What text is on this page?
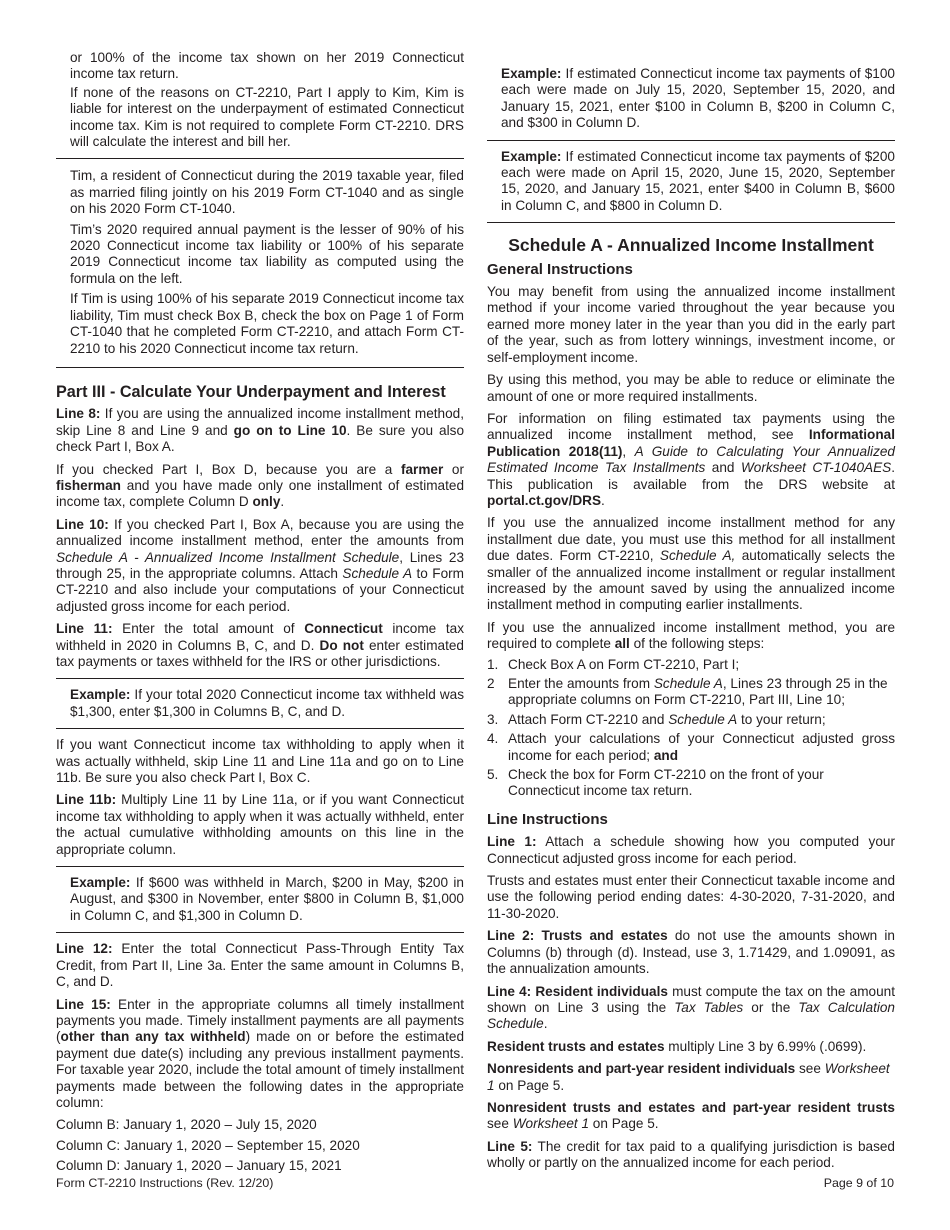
or 100% of the income tax shown on her 2019 Connecticut income tax return.

If none of the reasons on CT-2210, Part I apply to Kim, Kim is liable for interest on the underpayment of estimated Connecticut income tax. Kim is not required to complete Form CT-2210. DRS will calculate the interest and bill her.

Tim, a resident of Connecticut during the 2019 taxable year, filed as married filing jointly on his 2019 Form CT-1040 and as single on his 2020 Form CT-1040.

Tim’s 2020 required annual payment is the lesser of 90% of his 2020 Connecticut income tax liability or 100% of his separate 2019 Connecticut income tax liability as computed using the formula on the left.

If Tim is using 100% of his separate 2019 Connecticut income tax liability, Tim must check Box B, check the box on Page 1 of Form CT-1040 that he completed Form CT-2210, and attach Form CT-2210 to his 2020 Connecticut income tax return.

Part III - Calculate Your Underpayment and Interest

Line 8: If you are using the annualized income installment method, skip Line 8 and Line 9 and go on to Line 10. Be sure you also check Part I, Box A.

If you checked Part I, Box D, because you are a farmer or fisherman and you have made only one installment of estimated income tax, complete Column D only.

Line 10: If you checked Part I, Box A, because you are using the annualized income installment method, enter the amounts from Schedule A - Annualized Income Installment Schedule, Lines 23 through 25, in the appropriate columns. Attach Schedule A to Form CT-2210 and also include your computations of your Connecticut adjusted gross income for each period.

Line 11: Enter the total amount of Connecticut income tax withheld in 2020 in Columns B, C, and D. Do not enter estimated tax payments or taxes withheld for the IRS or other jurisdictions.

Example: If your total 2020 Connecticut income tax withheld was $1,300, enter $1,300 in Columns B, C, and D.

If you want Connecticut income tax withholding to apply when it was actually withheld, skip Line 11 and Line 11a and go on to Line 11b. Be sure you also check Part I, Box C.

Line 11b: Multiply Line 11 by Line 11a, or if you want Connecticut income tax withholding to apply when it was actually withheld, enter the actual cumulative withholding amounts on this line in the appropriate column.

Example: If $600 was withheld in March, $200 in May, $200 in August, and $300 in November, enter $800 in Column B, $1,000 in Column C, and $1,300 in Column D.

Line 12: Enter the total Connecticut Pass-Through Entity Tax Credit, from Part II, Line 3a. Enter the same amount in Columns B, C, and D.

Line 15: Enter in the appropriate columns all timely installment payments you made. Timely installment payments are all payments (other than any tax withheld) made on or before the estimated payment due date(s) including any previous installment payments. For taxable year 2020, include the total amount of timely installment payments made between the following dates in the appropriate column:

Column B: January 1, 2020 – July 15, 2020

Column C: January 1, 2020 – September 15, 2020

Column D: January 1, 2020 – January 15, 2021

Example: If estimated Connecticut income tax payments of $100 each were made on July 15, 2020, September 15, 2020, and January 15, 2021, enter $100 in Column B, $200 in Column C, and $300 in Column D.

Example: If estimated Connecticut income tax payments of $200 each were made on April 15, 2020, June 15, 2020, September 15, 2020, and January 15, 2021, enter $400 in Column B, $600 in Column C, and $800 in Column D.

Schedule A - Annualized Income Installment
General Instructions

You may benefit from using the annualized income installment method if your income varied throughout the year because you earned more money later in the year than you did in the early part of the year, such as from lottery winnings, investment income, or self-employment income.

By using this method, you may be able to reduce or eliminate the amount of one or more required installments.

For information on filing estimated tax payments using the annualized income installment method, see Informational Publication 2018(11), A Guide to Calculating Your Annualized Estimated Income Tax Installments and Worksheet CT-1040AES. This publication is available from the DRS website at portal.ct.gov/DRS.

If you use the annualized income installment method for any installment due date, you must use this method for all installment due dates. Form CT-2210, Schedule A, automatically selects the smaller of the annualized income installment or regular installment increased by the amount saved by using the annualized income installment method in computing earlier installments.

If you use the annualized income installment method, you are required to complete all of the following steps:

1. Check Box A on Form CT-2210, Part I;
2 Enter the amounts from Schedule A, Lines 23 through 25 in the appropriate columns on Form CT-2210, Part III, Line 10;
3. Attach Form CT-2210 and Schedule A to your return;
4. Attach your calculations of your Connecticut adjusted gross income for each period; and
5. Check the box for Form CT-2210 on the front of your Connecticut income tax return.
Line Instructions

Line 1: Attach a schedule showing how you computed your Connecticut adjusted gross income for each period.

Trusts and estates must enter their Connecticut taxable income and use the following period ending dates: 4-30-2020, 7-31-2020, and 11-30-2020.

Line 2: Trusts and estates do not use the amounts shown in Columns (b) through (d). Instead, use 3, 1.71429, and 1.09091, as the annualization amounts.

Line 4: Resident individuals must compute the tax on the amount shown on Line 3 using the Tax Tables or the Tax Calculation Schedule.

Resident trusts and estates multiply Line 3 by 6.99% (.0699).

Nonresidents and part-year resident individuals see Worksheet 1 on Page 5.

Nonresident trusts and estates and part-year resident trusts see Worksheet 1 on Page 5.

Line 5: The credit for tax paid to a qualifying jurisdiction is based wholly or partly on the annualized income for each period.

Form CT-2210 Instructions (Rev. 12/20)	Page 9 of 10
